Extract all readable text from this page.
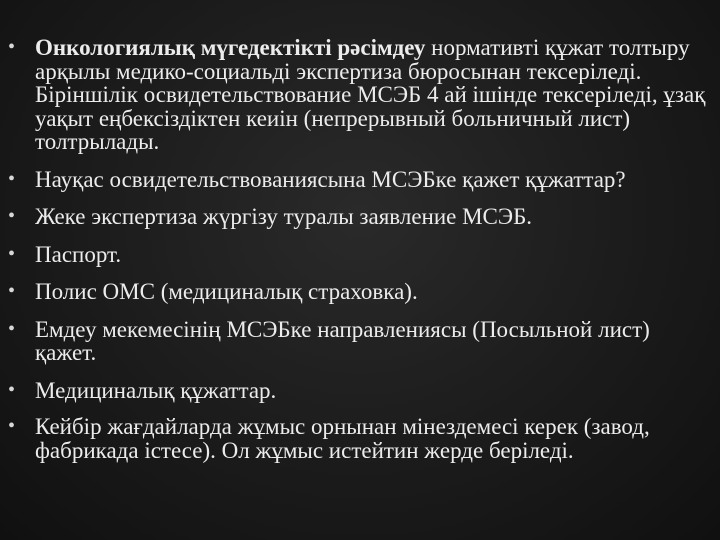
• Онкологиялық мүгедектікті рәсімдеу нормативті құжат толтыру арқылы медико-социальді экспертиза бюросынан тексеріледі. Біріншілік освидетельствование МСЭБ 4 ай ішінде тексеріледі, ұзақ уақыт еңбексіздіктен кеиін (непрерывный больничный лист) толтрылады.
• Науқас освидетельствованиясына МСЭБке қажет құжаттар?
• Жеке экспертиза жүргізу туралы заявление МСЭБ.
• Паспорт.
• Полис ОМС (медициналық страховка).
• Емдеу мекемесінің МСЭБке направлениясы (Посыльной лист) қажет.
• Медициналық құжаттар.
• Кейбір жағдайларда жұмыс орнынан мінездемесі керек (завод, фабрикада істесе). Ол жұмыс истейтин жерде беріледі.
